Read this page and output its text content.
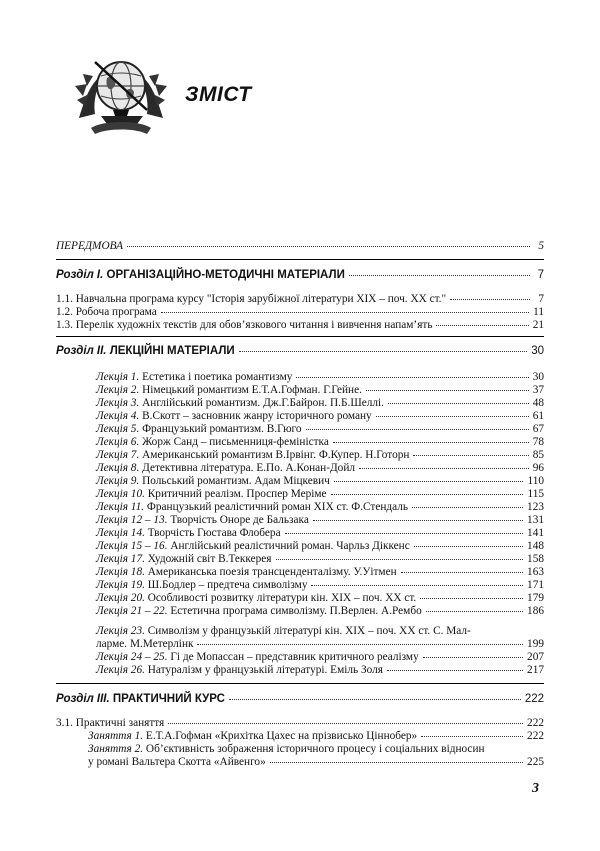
ЗМІСТ
ПЕРЕДМОВА	5
Розділ І. ОРГАНІЗАЦІЙНО-МЕТОДИЧНІ МАТЕРІАЛИ	7
1.1. Навчальна програма курсу "Історія зарубіжної літератури ХІХ – поч. ХХ ст."	7
1.2. Робоча програма	11
1.3. Перелік художніх текстів для обов’язкового читання і вивчення напам’ять	21
Розділ ІІ. ЛЕКЦІЙНІ МАТЕРІАЛИ	30
Лекція 1. Естетика і поетика романтизму	30
Лекція 2. Німецький романтизм Е.Т.А.Гофман. Г.Гейне.	37
Лекція 3. Англійський романтизм. Дж.Г.Байрон. П.Б.Шеллі.	48
Лекція 4. В.Скотт – засновник жанру історичного роману	61
Лекція 5. Французький романтизм. В.Гюго	67
Лекція 6. Жорж Санд – письменниця-феміністка	78
Лекція 7. Американський романтизм В.Ірвінг. Ф.Купер. Н.Готорн	85
Лекція 8. Детективна література. Е.По. А.Конан-Дойл	96
Лекція 9. Польський романтизм. Адам Міцкевич	110
Лекція 10. Критичний реалізм. Проспер Меріме	115
Лекція 11. Французький реалістичний роман ХІХ ст. Ф.Стендаль	123
Лекція 12 – 13. Творчість Оноре де Бальзака	131
Лекція 14. Творчість Гюстава Флобера	141
Лекція 15 – 16. Англійський реалістичний роман. Чарльз Діккенс	148
Лекція 17. Художній світ В.Теккерея	158
Лекція 18. Американська поезія трансценденталізму. У.Уітмен	163
Лекція 19. Ш.Бодлер – предтеча символізму	171
Лекція 20. Особливості розвитку літератури кін. ХІХ – поч. ХХ ст.	179
Лекція 21 – 22. Естетична програма символізму. П.Верлен. А.Рембо	186
Лекція 23. Символізм у французькій літературі кін. ХІХ – поч. ХХ ст. С. Мал-
ларме. М.Метерлінк	199
Лекція 24 – 25. Гі де Мопассан – представник критичного реалізму	207
Лекція 26. Натуралізм у французькій літературі. Еміль Золя	217
Розділ ІІІ. ПРАКТИЧНИЙ КУРС	222
3.1. Практичні заняття	222
Заняття 1. Е.Т.А.Гофман «Крихітка Цахес на прізвисько Ціннобер»	222
Заняття 2. Об’єктивність зображення історичного процесу і соціальних відносин
у романі Вальтера Скотта «Айвенго»	225
3
